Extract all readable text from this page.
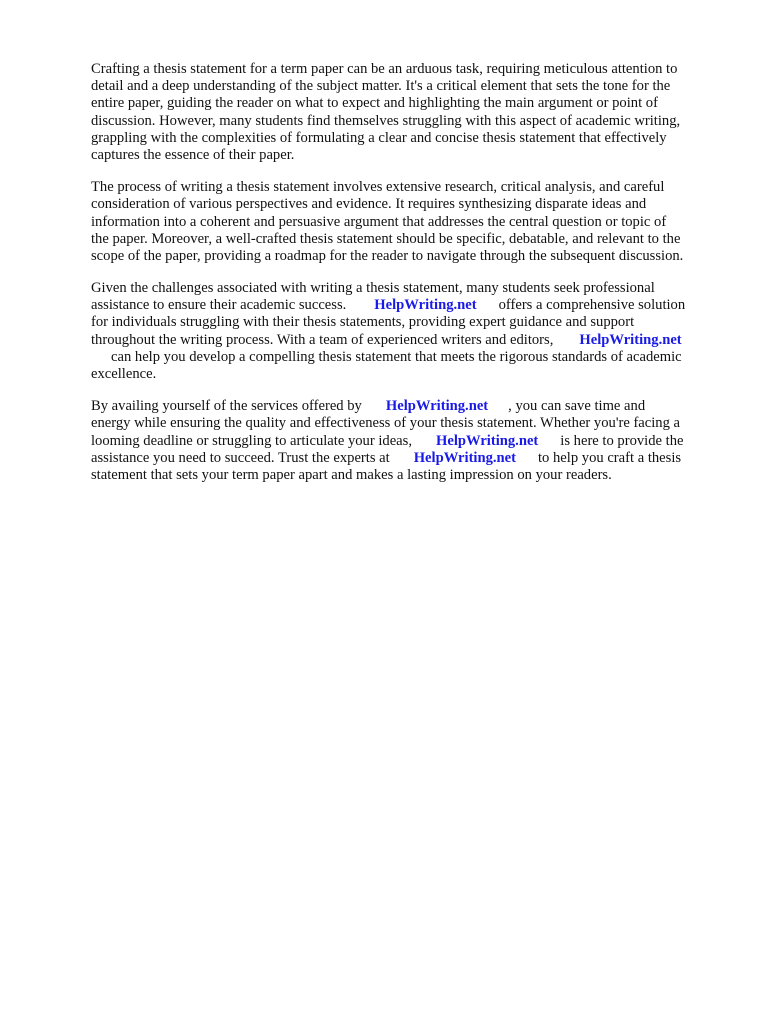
Crafting a thesis statement for a term paper can be an arduous task, requiring meticulous attention to
detail and a deep understanding of the subject matter. It's a critical element that sets the tone for the
entire paper, guiding the reader on what to expect and highlighting the main argument or point of
discussion. However, many students find themselves struggling with this aspect of academic writing,
grappling with the complexities of formulating a clear and concise thesis statement that effectively
captures the essence of their paper.

The process of writing a thesis statement involves extensive research, critical analysis, and careful
consideration of various perspectives and evidence. It requires synthesizing disparate ideas and
information into a coherent and persuasive argument that addresses the central question or topic of
the paper. Moreover, a well-crafted thesis statement should be specific, debatable, and relevant to the
scope of the paper, providing a roadmap for the reader to navigate through the subsequent discussion.

Given the challenges associated with writing a thesis statement, many students seek professional
assistance to ensure their academic success. HelpWriting.net offers a comprehensive solution
for individuals struggling with their thesis statements, providing expert guidance and support
throughout the writing process. With a team of experienced writers and editors, HelpWriting.net
can help you develop a compelling thesis statement that meets the rigorous standards of academic
excellence.

By availing yourself of the services offered by HelpWriting.net , you can save time and
energy while ensuring the quality and effectiveness of your thesis statement. Whether you're facing a
looming deadline or struggling to articulate your ideas, HelpWriting.net is here to provide the
assistance you need to succeed. Trust the experts at HelpWriting.net to help you craft a thesis
statement that sets your term paper apart and makes a lasting impression on your readers.
